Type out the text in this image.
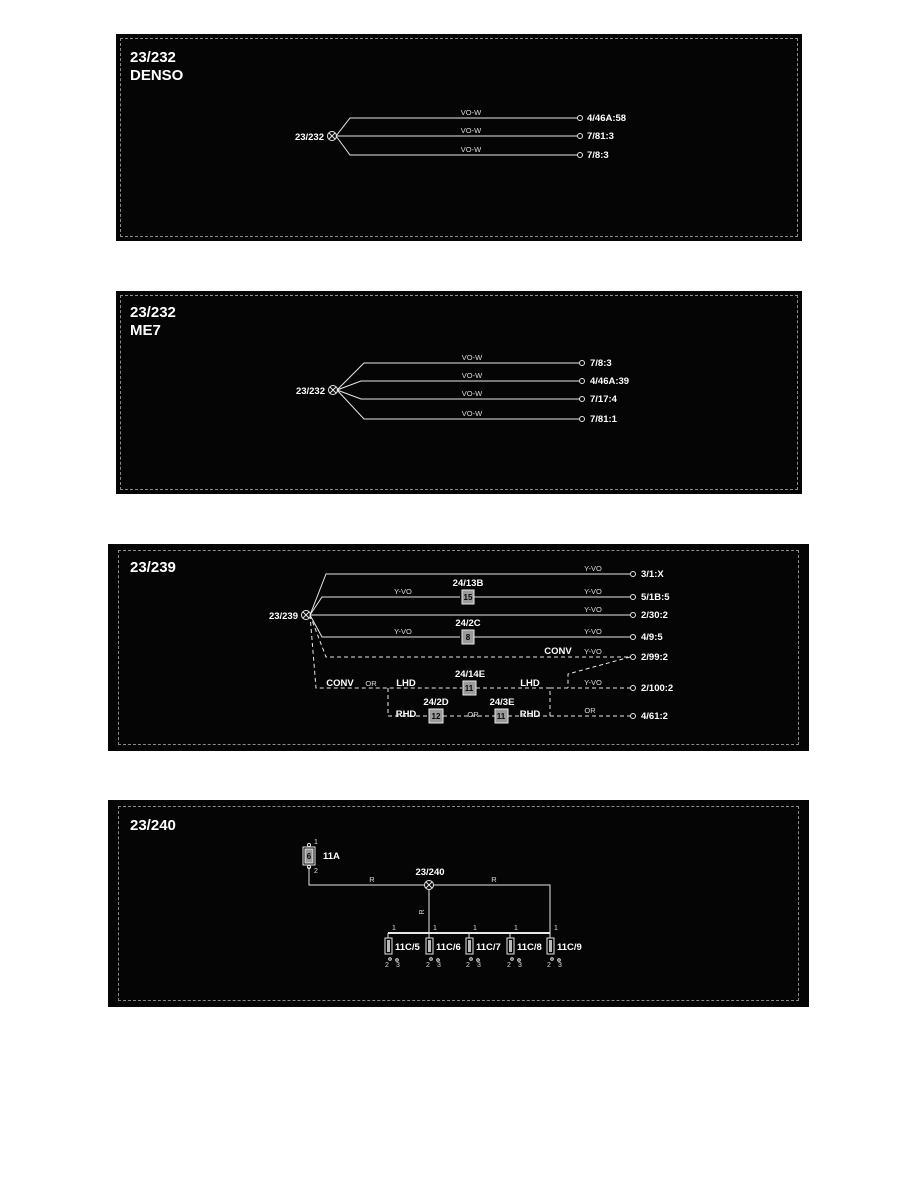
23/232
DENSO
23/232
VO-W
VO-W
VO-W
4/46A:58
7/81:3
7/8:3
23/232
ME7
23/232
VO-W
VO-W
VO-W
VO-W
7/8:3
4/46A:39
7/17:4
7/81:1
23/239
23/239
15
8
11
12	11
24/13B
24/2C
24/14E
24/2D	24/3E
Y-VO
Y-VO
Y-VO
Y-VO
Y-VO
Y-VO
Y-VO
Y-VO
OR
CONV
CONV OR LHD	LHD
RHD	OR	RHD
3/1:X
5/1B:5
2/30:2
4/9:5
2/99:2
2/100:2
4/61:2
23/240
6
1
2
11A
23/240
R	R
R
1
11C/5
2 3
1
11C/6
2 3
1
11C/7
2 3
1
11C/8
2 3
1
11C/9
2 3
